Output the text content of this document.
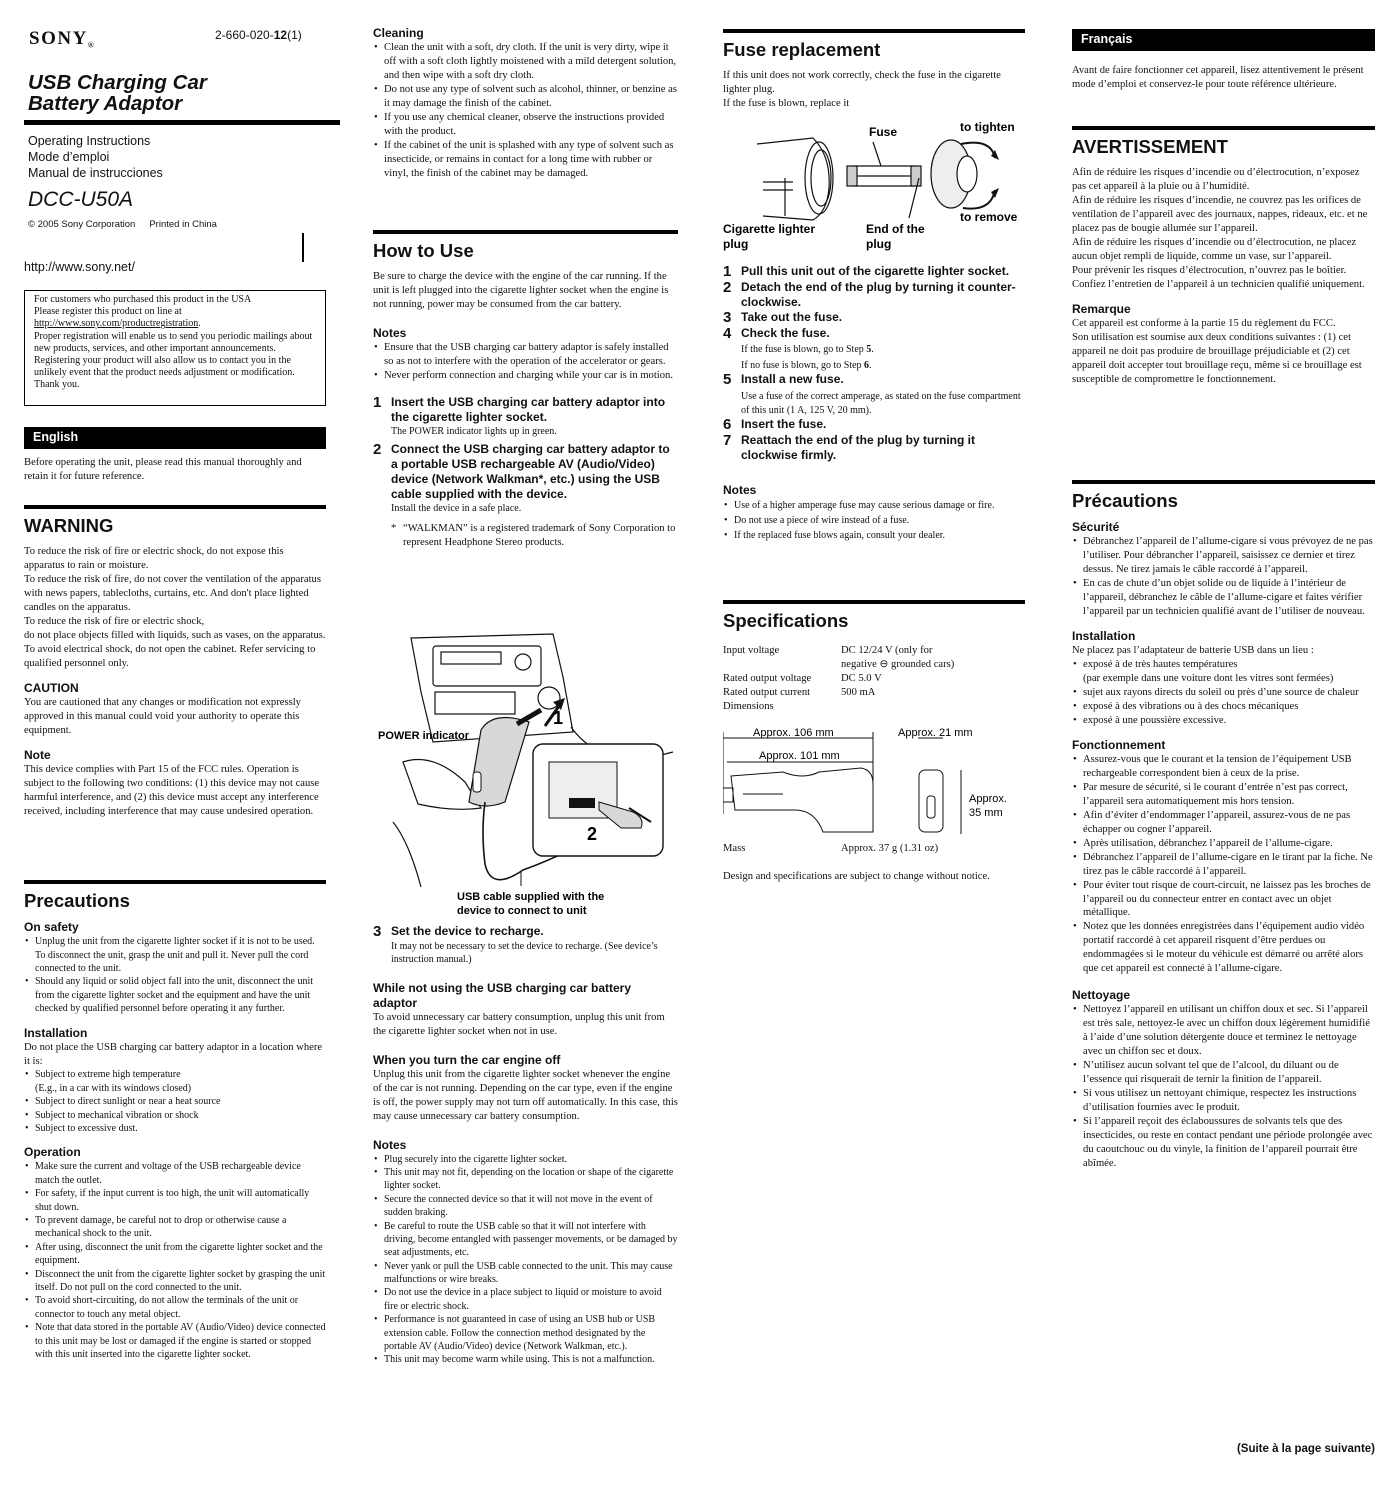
SONY®
2-660-020-12(1)
USB Charging Car
Battery Adaptor
Operating Instructions
Mode d’emploi
Manual de instrucciones
DCC-U50A
© 2005 Sony Corporation Printed in China
http://www.sony.net/

For customers who purchased this product in the USA

Please register this product on line at

http://www.sony.com/productregistration.

Proper registration will enable us to send you periodic mailings about new products, services, and other important announcements.

Registering your product will also allow us to contact you in the unlikely event that the product needs adjustment or modification. Thank you.

English
Before operating the unit, please read this manual thoroughly and retain it for future reference.
WARNING

To reduce the risk of fire or electric shock, do not expose this apparatus to rain or moisture.

To reduce the risk of fire, do not cover the ventilation of the apparatus with news papers, tablecloths, curtains, etc. And don't place lighted candles on the apparatus.

To reduce the risk of fire or electric shock,

do not place objects filled with liquids, such as vases, on the apparatus.

To avoid electrical shock, do not open the cabinet. Refer servicing to qualified personnel only.

CAUTION

You are cautioned that any changes or modification not expressly approved in this manual could void your authority to operate this equipment.

Note

This device complies with Part 15 of the FCC rules. Operation is subject to the following two conditions: (1) this device may not cause harmful interference, and (2) this device must accept any interference received, including interference that may cause undesired operation.

Precautions
On safety
• Unplug the unit from the cigarette lighter socket if it is not to be used. To disconnect the unit, grasp the unit and pull it. Never pull the cord connected to the unit.
• Should any liquid or solid object fall into the unit, disconnect the unit from the cigarette lighter socket and the equipment and have the unit checked by qualified personnel before operating it any further.
Installation

Do not place the USB charging car battery adaptor in a location where it is:

• Subject to extreme high temperature
(E.g., in a car with its windows closed)
• Subject to direct sunlight or near a heat source
• Subject to mechanical vibration or shock
• Subject to excessive dust.
Operation
• Make sure the current and voltage of the USB rechargeable device match the outlet.
• For safety, if the input current is too high, the unit will automatically shut down.
• To prevent damage, be careful not to drop or otherwise cause a mechanical shock to the unit.
• After using, disconnect the unit from the cigarette lighter socket and the equipment.
• Disconnect the unit from the cigarette lighter socket by grasping the unit itself. Do not pull on the cord connected to the unit.
• To avoid short-circuiting, do not allow the terminals of the unit or connector to touch any metal object.
• Note that data stored in the portable AV (Audio/Video) device connected to this unit may be lost or damaged if the engine is started or stopped with this unit inserted into the cigarette lighter socket.
Cleaning
• Clean the unit with a soft, dry cloth. If the unit is very dirty, wipe it off with a soft cloth lightly moistened with a mild detergent solution, and then wipe with a soft dry cloth.
• Do not use any type of solvent such as alcohol, thinner, or benzine as it may damage the finish of the cabinet.
• If you use any chemical cleaner, observe the instructions provided with the product.
• If the cabinet of the unit is splashed with any type of solvent such as insecticide, or remains in contact for a long time with rubber or vinyl, the finish of the cabinet may be damaged.
How to Use

Be sure to charge the device with the engine of the car running. If the unit is left plugged into the cigarette lighter socket when the engine is not running, power may be consumed from the car battery.

Notes
• Ensure that the USB charging car battery adaptor is safely installed so as not to interfere with the operation of the accelerator or gears.
• Never perform connection and charging while your car is in motion.
1 Insert the USB charging car battery adaptor into the cigarette lighter socket.
The POWER indicator lights up in green.
2 Connect the USB charging car battery adaptor to a portable USB rechargeable AV (Audio/Video) device (Network Walkman*, etc.) using the USB cable supplied with the device.
Install the device in a safe place.
* “WALKMAN” is a registered trademark of Sony Corporation to represent Headphone Stereo products.
POWER indicator
1
2
USB cable supplied with the
device to connect to unit
3 Set the device to recharge.
It may not be necessary to set the device to recharge. (See device’s instruction manual.)
While not using the USB charging car battery adaptor

To avoid unnecessary car battery consumption, unplug this unit from the cigarette lighter socket when not in use.

When you turn the car engine off

Unplug this unit from the cigarette lighter socket whenever the engine of the car is not running. Depending on the car type, even if the engine is off, the power supply may not turn off automatically. In this case, this may cause unnecessary car battery consumption.

Notes
• Plug securely into the cigarette lighter socket.
• This unit may not fit, depending on the location or shape of the cigarette lighter socket.
• Secure the connected device so that it will not move in the event of sudden braking.
• Be careful to route the USB cable so that it will not interfere with driving, become entangled with passenger movements, or be damaged by seat adjustments, etc.
• Never yank or pull the USB cable connected to the unit. This may cause malfunctions or wire breaks.
• Do not use the device in a place subject to liquid or moisture to avoid fire or electric shock.
• Performance is not guaranteed in case of using an USB hub or USB extension cable. Follow the connection method designated by the portable AV (Audio/Video) device (Network Walkman, etc.).
• This unit may become warm while using. This is not a malfunction.
Fuse replacement

If this unit does not work correctly, check the fuse in the cigarette lighter plug.

If the fuse is blown, replace it

Fuse	to tighten
to remove
Cigarette lighter
plug
End of the
plug
1 Pull this unit out of the cigarette lighter socket.
2 Detach the end of the plug by turning it counter-clockwise.
3 Take out the fuse.
4 Check the fuse.
If the fuse is blown, go to Step 5.
If no fuse is blown, go to Step 6.
5 Install a new fuse.
Use a fuse of the correct amperage, as stated on the fuse compartment of this unit (1 A, 125 V, 20 mm).
6 Insert the fuse.
7 Reattach the end of the plug by turning it clockwise firmly.
Notes
• Use of a higher amperage fuse may cause serious damage or fire.
• Do not use a piece of wire instead of a fuse.
• If the replaced fuse blows again, consult your dealer.
Specifications
Input voltage	DC 12/24 V (only for
negative ⊖ grounded cars)
Rated output voltage	DC 5.0 V
Rated output current	500 mA
Dimensions
Approx. 106 mm
Approx. 101 mm
Approx. 21 mm
Approx.
35 mm
Mass	Approx. 37 g (1.31 oz)

Design and specifications are subject to change without notice.

Français
Avant de faire fonctionner cet appareil, lisez attentivement le présent mode d’emploi et conservez-le pour toute référence ultérieure.
AVERTISSEMENT

Afin de réduire les risques d’incendie ou d’électrocution, n’exposez pas cet appareil à la pluie ou à l’humidité.

Afin de réduire les risques d’incendie, ne couvrez pas les orifices de ventilation de l’appareil avec des journaux, nappes, rideaux, etc. et ne placez pas de bougie allumée sur l’appareil.

Afin de réduire les risques d’incendie ou d’électrocution, ne placez aucun objet rempli de liquide, comme un vase, sur l’appareil.

Pour prévenir les risques d’électrocution, n’ouvrez pas le boîtier. Confiez l’entretien de l’appareil à un technicien qualifié uniquement.

Remarque

Cet appareil est conforme à la partie 15 du règlement du FCC.

Son utilisation est soumise aux deux conditions suivantes : (1) cet appareil ne doit pas produire de brouillage préjudiciable et (2) cet appareil doit accepter tout brouillage reçu, même si ce brouillage est susceptible de compromettre le fonctionnement.

Précautions
Sécurité
• Débranchez l’appareil de l’allume-cigare si vous prévoyez de ne pas l’utiliser. Pour débrancher l’appareil, saisissez ce dernier et tirez dessus. Ne tirez jamais le câble raccordé à l’appareil.
• En cas de chute d’un objet solide ou de liquide à l’intérieur de l’appareil, débranchez le câble de l’allume-cigare et faites vérifier l’appareil par un technicien qualifié avant de l’utiliser de nouveau.
Installation

Ne placez pas l’adaptateur de batterie USB dans un lieu :

• exposé à de très hautes températures
(par exemple dans une voiture dont les vitres sont fermées)
• sujet aux rayons directs du soleil ou près d’une source de chaleur
• exposé à des vibrations ou à des chocs mécaniques
• exposé à une poussière excessive.
Fonctionnement
• Assurez-vous que le courant et la tension de l’équipement USB rechargeable correspondent bien à ceux de la prise.
• Par mesure de sécurité, si le courant d’entrée n’est pas correct, l’appareil sera automatiquement mis hors tension.
• Afin d’éviter d’endommager l’appareil, assurez-vous de ne pas échapper ou cogner l’appareil.
• Après utilisation, débranchez l’appareil de l’allume-cigare.
• Débranchez l’appareil de l’allume-cigare en le tirant par la fiche. Ne tirez pas le câble raccordé à l’appareil.
• Pour éviter tout risque de court-circuit, ne laissez pas les broches de l’appareil ou du connecteur entrer en contact avec un objet métallique.
• Notez que les données enregistrées dans l’équipement audio vidéo portatif raccordé à cet appareil risquent d’être perdues ou endommagées si le moteur du véhicule est démarré ou arrêté alors que cet appareil est connecté à l’allume-cigare.
Nettoyage
• Nettoyez l’appareil en utilisant un chiffon doux et sec. Si l’appareil est très sale, nettoyez-le avec un chiffon doux légèrement humidifié à l’aide d’une solution détergente douce et terminez le nettoyage avec un chiffon sec et doux.
• N’utilisez aucun solvant tel que de l’alcool, du diluant ou de l’essence qui risquerait de ternir la finition de l’appareil.
• Si vous utilisez un nettoyant chimique, respectez les instructions d’utilisation fournies avec le produit.
• Si l’appareil reçoit des éclaboussures de solvants tels que des insecticides, ou reste en contact pendant une période prolongée avec du caoutchouc ou du vinyle, la finition de l’appareil pourrait être abîmée.
(Suite à la page suivante)
